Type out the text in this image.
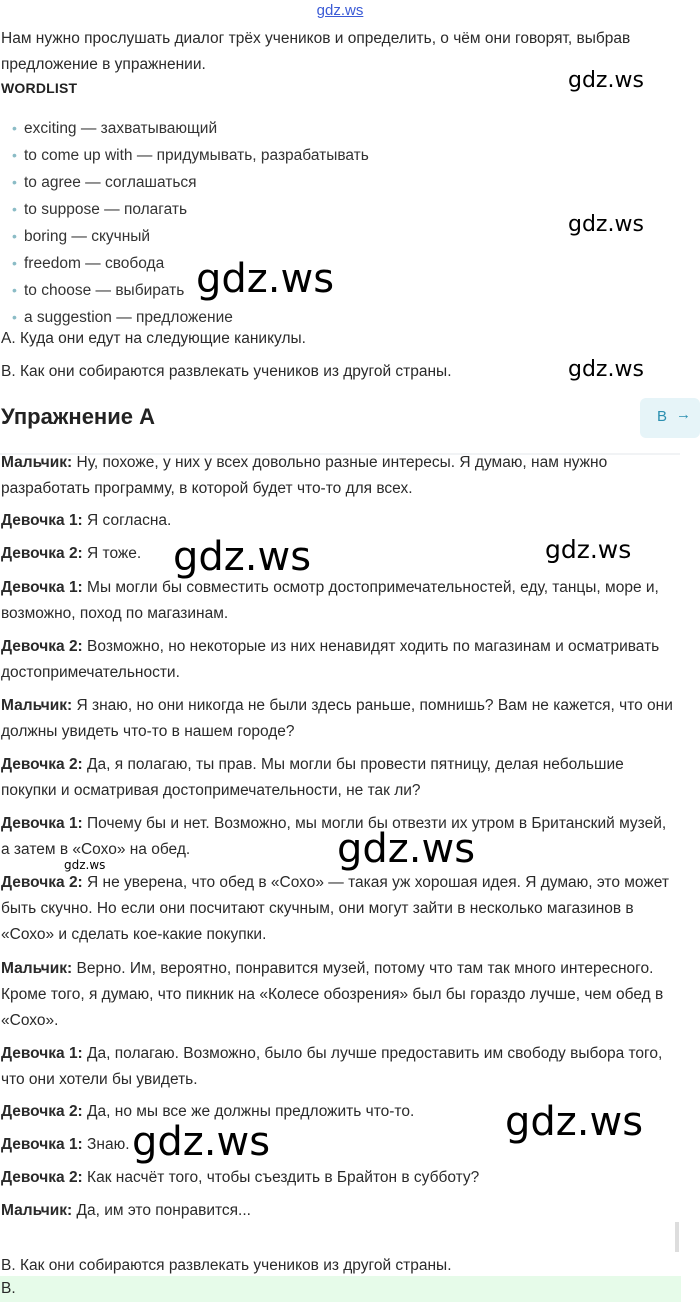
gdz.ws
Нам нужно прослушать диалог трёх учеников и определить, о чём они говорят, выбрав предложение в упражнении.
WORDLIST
• exciting — захватывающий
• to come up with — придумывать, разрабатывать
• to agree — соглашаться
• to suppose — полагать
• boring — скучный
• freedom — свобода
• to choose — выбирать
• a suggestion — предложение
A. Куда они едут на следующие каникулы.
B. Как они собираются развлекать учеников из другой страны.
Упражнение A	B →
Мальчик: Ну, похоже, у них у всех довольно разные интересы. Я думаю, нам нужно разработать программу, в которой будет что-то для всех.
Девочка 1: Я согласна.
Девочка 2: Я тоже.
Девочка 1: Мы могли бы совместить осмотр достопримечательностей, еду, танцы, море и, возможно, поход по магазинам.
Девочка 2: Возможно, но некоторые из них ненавидят ходить по магазинам и осматривать достопримечательности.
Мальчик: Я знаю, но они никогда не были здесь раньше, помнишь? Вам не кажется, что они должны увидеть что-то в нашем городе?
Девочка 2: Да, я полагаю, ты прав. Мы могли бы провести пятницу, делая небольшие покупки и осматривая достопримечательности, не так ли?
Девочка 1: Почему бы и нет. Возможно, мы могли бы отвезти их утром в Британский музей, а затем в «Сохо» на обед.
Девочка 2: Я не уверена, что обед в «Сохо» — такая уж хорошая идея. Я думаю, это может быть скучно. Но если они посчитают скучным, они могут зайти в несколько магазинов в «Сохо» и сделать кое-какие покупки.
Мальчик: Верно. Им, вероятно, понравится музей, потому что там так много интересного. Кроме того, я думаю, что пикник на «Колесе обозрения» был бы гораздо лучше, чем обед в «Сохо».
Девочка 1: Да, полагаю. Возможно, было бы лучше предоставить им свободу выбора того, что они хотели бы увидеть.
Девочка 2: Да, но мы все же должны предложить что-то.
Девочка 1: Знаю.
Девочка 2: Как насчёт того, чтобы съездить в Брайтон в субботу?
Мальчик: Да, им это понравится...
B. Как они собираются развлекать учеников из другой страны.
B.
gdz.ws
gdz.ws
gdz.ws
gdz.ws
gdz.ws	gdz.ws
gdz.ws
gdz.ws
gdz.ws
gdz.ws
